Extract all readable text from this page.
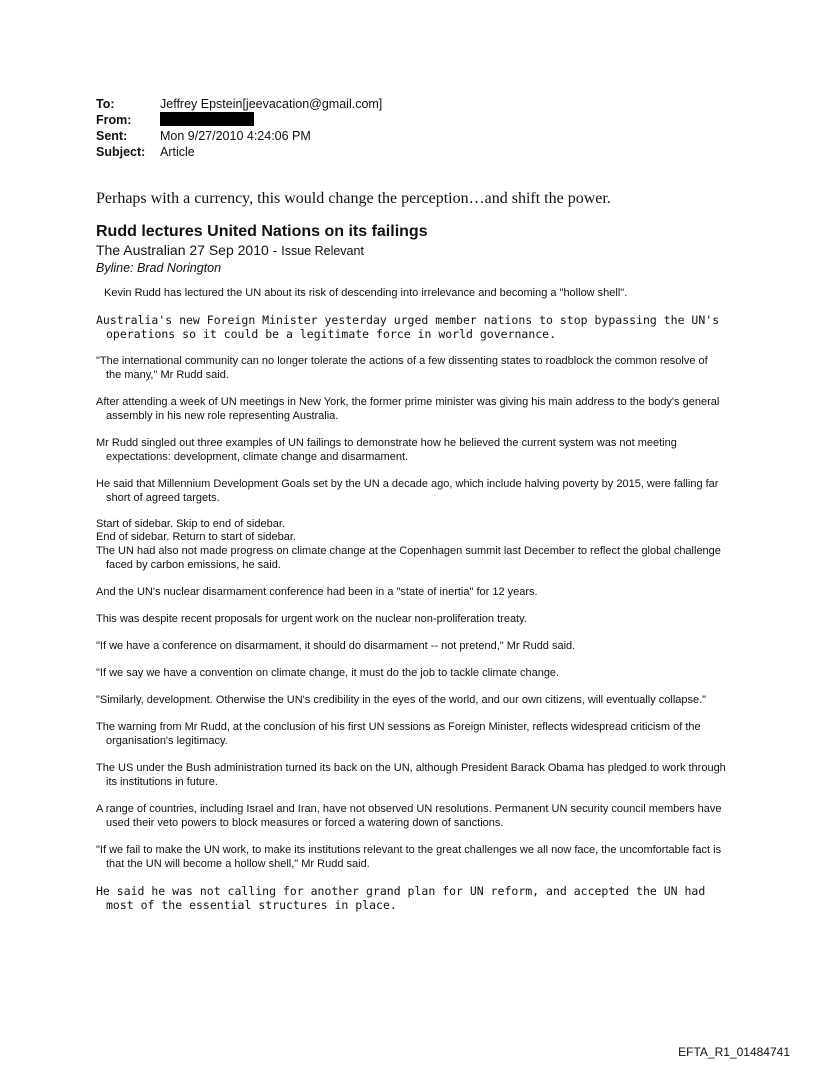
To:	Jeffrey Epstein[jeevacation@gmail.com]
From:
Sent:	Mon 9/27/2010 4:24:06 PM
Subject:	Article
Perhaps with a currency, this would change the perception…and shift the power.
Rudd lectures United Nations on its failings
The Australian 27 Sep 2010 - Issue Relevant
Byline: Brad Norington

Kevin Rudd has lectured the UN about its risk of descending into irrelevance and becoming a "hollow shell".

Australia's new Foreign Minister yesterday urged member nations to stop bypassing the UN's operations so it could be a legitimate force in world governance.

"The international community can no longer tolerate the actions of a few dissenting states to roadblock the common resolve of the many," Mr Rudd said.

After attending a week of UN meetings in New York, the former prime minister was giving his main address to the body's general assembly in his new role representing Australia.

Mr Rudd singled out three examples of UN failings to demonstrate how he believed the current system was not meeting expectations: development, climate change and disarmament.

He said that Millennium Development Goals set by the UN a decade ago, which include halving poverty by 2015, were falling far short of agreed targets.

Start of sidebar. Skip to end of sidebar.

End of sidebar. Return to start of sidebar.

The UN had also not made progress on climate change at the Copenhagen summit last December to reflect the global challenge faced by carbon emissions, he said.

And the UN's nuclear disarmament conference had been in a "state of inertia" for 12 years.

This was despite recent proposals for urgent work on the nuclear non-proliferation treaty.

"If we have a conference on disarmament, it should do disarmament -- not pretend," Mr Rudd said.

"If we say we have a convention on climate change, it must do the job to tackle climate change.

"Similarly, development. Otherwise the UN's credibility in the eyes of the world, and our own citizens, will eventually collapse."

The warning from Mr Rudd, at the conclusion of his first UN sessions as Foreign Minister, reflects widespread criticism of the organisation's legitimacy.

The US under the Bush administration turned its back on the UN, although President Barack Obama has pledged to work through its institutions in future.

A range of countries, including Israel and Iran, have not observed UN resolutions. Permanent UN security council members have used their veto powers to block measures or forced a watering down of sanctions.

"If we fail to make the UN work, to make its institutions relevant to the great challenges we all now face, the uncomfortable fact is that the UN will become a hollow shell," Mr Rudd said.

He said he was not calling for another grand plan for UN reform, and accepted the UN had most of the essential structures in place.

EFTA_R1_01484741
